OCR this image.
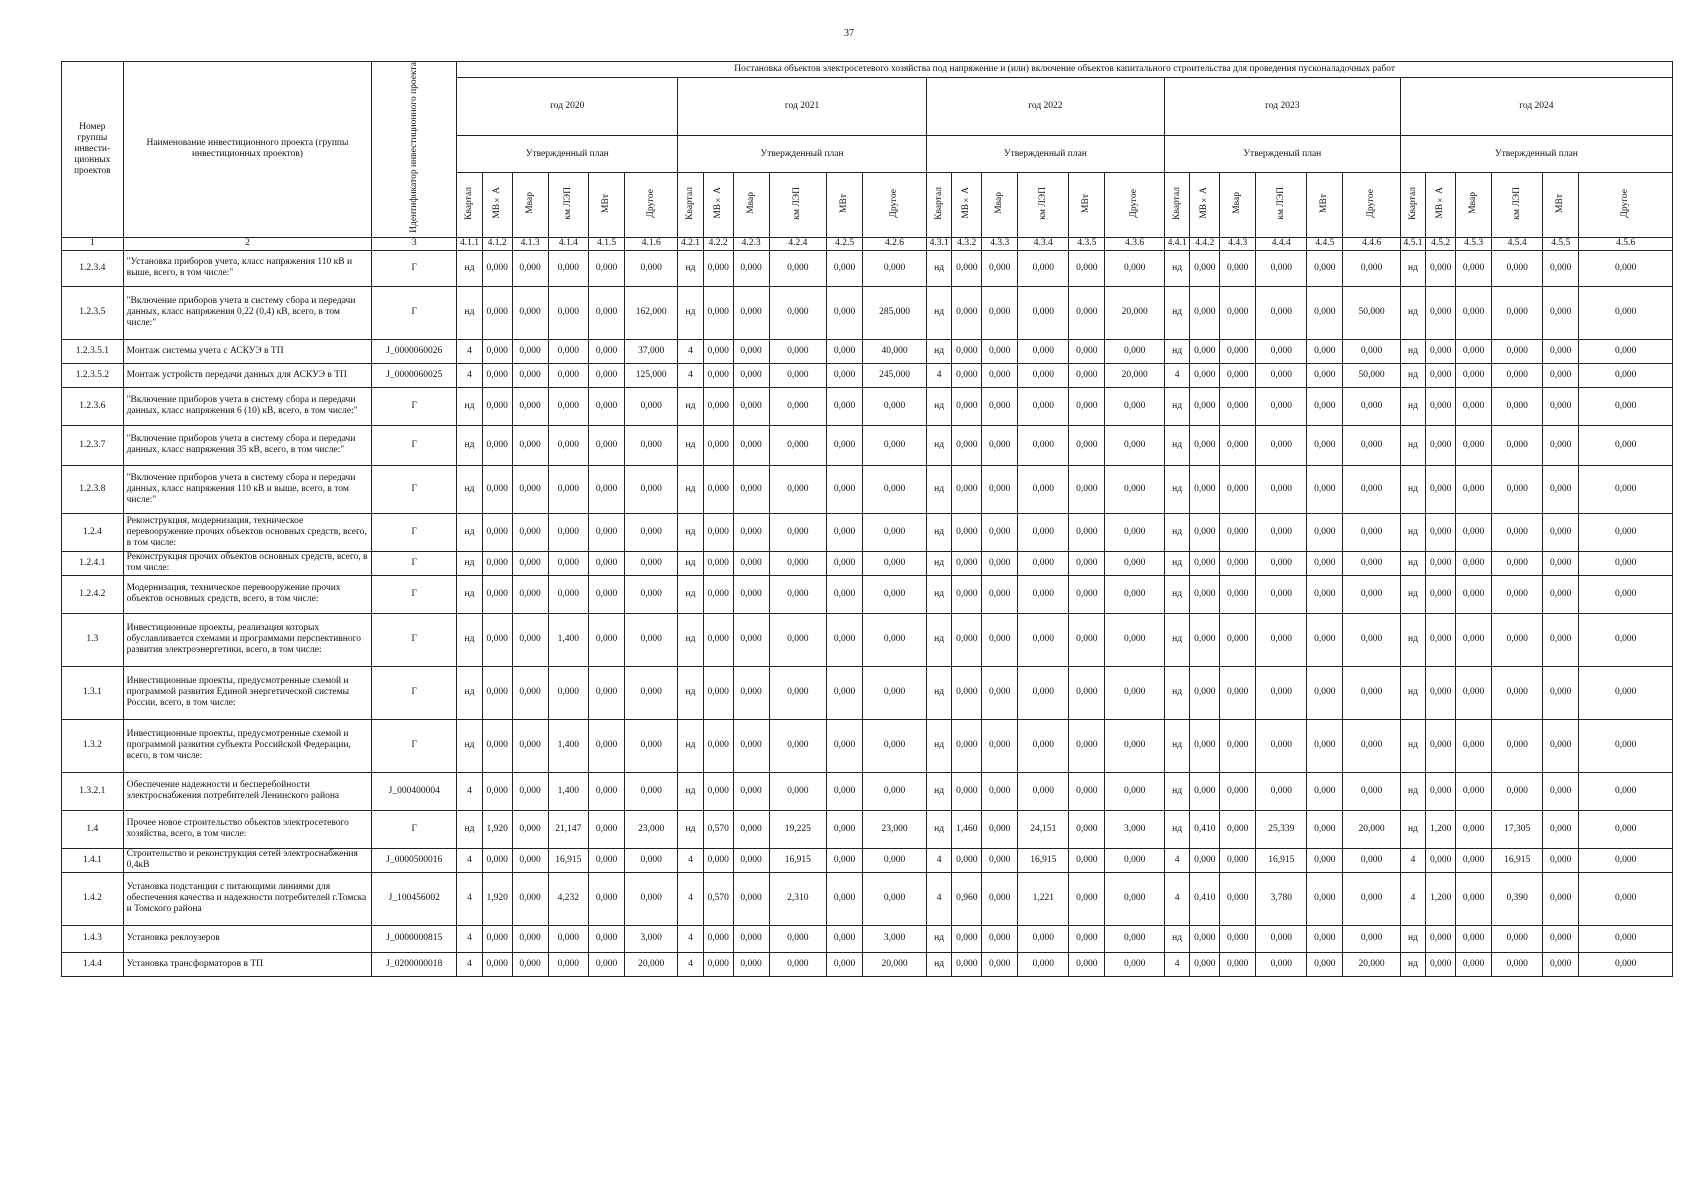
37
Номер группы инвести-ционных проектов	Наименование инвестиционного проекта (группы инвестиционных проектов)	Идентификатор инвестиционного проекта	Постановка объектов электросетевого хозяйства под напряжение и (или) включение объектов капитального строительства для проведения пусконаладочных работ																													
			год 2020						год 2021						год 2022						год 2023						год 2024					
			Утвержденный план						Утвержденный план						Утвержденный план						Утвержденый план						Утвержденный план					
			Квартал	МВ×А	Мвар	км ЛЭП	МВт	Другое	Квартал	МВ×А	Мвар	км ЛЭП	МВт	Другое	Квартал	МВ×А	Мвар	км ЛЭП	МВт	Другое	Квартал	МВ×А	Мвар	км ЛЭП	МВт	Другое	Квартал	МВ×А	Мвар	км ЛЭП	МВт	Другое
1	2	3	4.1.1	4.1.2	4.1.3	4.1.4	4.1.5	4.1.6	4.2.1	4.2.2	4.2.3	4.2.4	4.2.5	4.2.6	4.3.1	4.3.2	4.3.3	4.3.4	4.3.5	4.3.6	4.4.1	4.4.2	4.4.3	4.4.4	4.4.5	4.4.6	4.5.1	4.5.2	4.5.3	4.5.4	4.5.5	4.5.6
1.2.3.4	"Установка приборов учета, класс напряжения 110 кВ и выше, всего, в том числе:"	Г	нд	0,000	0,000	0,000	0,000	0,000	нд	0,000	0,000	0,000	0,000	0,000	нд	0,000	0,000	0,000	0,000	0,000	нд	0,000	0,000	0,000	0,000	0,000	нд	0,000	0,000	0,000	0,000	0,000
1.2.3.5	"Включение приборов учета в систему сбора и передачи данных, класс напряжения 0,22 (0,4) кВ, всего, в том числе:"	Г	нд	0,000	0,000	0,000	0,000	162,000	нд	0,000	0,000	0,000	0,000	285,000	нд	0,000	0,000	0,000	0,000	20,000	нд	0,000	0,000	0,000	0,000	50,000	нд	0,000	0,000	0,000	0,000	0,000
1.2.3.5.1	Монтаж системы учета с АСКУЭ в ТП	J_0000060026	4	0,000	0,000	0,000	0,000	37,000	4	0,000	0,000	0,000	0,000	40,000	нд	0,000	0,000	0,000	0,000	0,000	нд	0,000	0,000	0,000	0,000	0,000	нд	0,000	0,000	0,000	0,000	0,000
1.2.3.5.2	Монтаж устройств передачи данных для АСКУЭ в ТП	J_0000060025	4	0,000	0,000	0,000	0,000	125,000	4	0,000	0,000	0,000	0,000	245,000	4	0,000	0,000	0,000	0,000	20,000	4	0,000	0,000	0,000	0,000	50,000	нд	0,000	0,000	0,000	0,000	0,000
1.2.3.6	"Включение приборов учета в систему сбора и передачи данных, класс напряжения 6 (10) кВ, всего, в том числе:"	Г	нд	0,000	0,000	0,000	0,000	0,000	нд	0,000	0,000	0,000	0,000	0,000	нд	0,000	0,000	0,000	0,000	0,000	нд	0,000	0,000	0,000	0,000	0,000	нд	0,000	0,000	0,000	0,000	0,000
1.2.3.7	"Включение приборов учета в систему сбора и передачи данных, класс напряжения 35 кВ, всего, в том числе:"	Г	нд	0,000	0,000	0,000	0,000	0,000	нд	0,000	0,000	0,000	0,000	0,000	нд	0,000	0,000	0,000	0,000	0,000	нд	0,000	0,000	0,000	0,000	0,000	нд	0,000	0,000	0,000	0,000	0,000
1.2.3.8	"Включение приборов учета в систему сбора и передачи данных, класс напряжения 110 кВ и выше, всего, в том числе:"	Г	нд	0,000	0,000	0,000	0,000	0,000	нд	0,000	0,000	0,000	0,000	0,000	нд	0,000	0,000	0,000	0,000	0,000	нд	0,000	0,000	0,000	0,000	0,000	нд	0,000	0,000	0,000	0,000	0,000
1.2.4	Реконструкция, модернизация, техническое перевооружение прочих объектов основных средств, всего, в том числе:	Г	нд	0,000	0,000	0,000	0,000	0,000	нд	0,000	0,000	0,000	0,000	0,000	нд	0,000	0,000	0,000	0,000	0,000	нд	0,000	0,000	0,000	0,000	0,000	нд	0,000	0,000	0,000	0,000	0,000
1.2.4.1	Реконструкция прочих объектов основных средств, всего, в том числе:	Г	нд	0,000	0,000	0,000	0,000	0,000	нд	0,000	0,000	0,000	0,000	0,000	нд	0,000	0,000	0,000	0,000	0,000	нд	0,000	0,000	0,000	0,000	0,000	нд	0,000	0,000	0,000	0,000	0,000
1.2.4.2	Модернизация, техническое перевооружение прочих объектов основных средств, всего, в том числе:	Г	нд	0,000	0,000	0,000	0,000	0,000	нд	0,000	0,000	0,000	0,000	0,000	нд	0,000	0,000	0,000	0,000	0,000	нд	0,000	0,000	0,000	0,000	0,000	нд	0,000	0,000	0,000	0,000	0,000
1.3	Инвестиционные проекты, реализация которых обуславливается схемами и программами перспективного развития электроэнергетики, всего, в том числе:	Г	нд	0,000	0,000	1,400	0,000	0,000	нд	0,000	0,000	0,000	0,000	0,000	нд	0,000	0,000	0,000	0,000	0,000	нд	0,000	0,000	0,000	0,000	0,000	нд	0,000	0,000	0,000	0,000	0,000
1.3.1	Инвестиционные проекты, предусмотренные схемой и программой развития Единой энергетической системы России, всего, в том числе:	Г	нд	0,000	0,000	0,000	0,000	0,000	нд	0,000	0,000	0,000	0,000	0,000	нд	0,000	0,000	0,000	0,000	0,000	нд	0,000	0,000	0,000	0,000	0,000	нд	0,000	0,000	0,000	0,000	0,000
1.3.2	Инвестиционные проекты, предусмотренные схемой и программой развития субъекта Российской Федерации, всего, в том числе:	Г	нд	0,000	0,000	1,400	0,000	0,000	нд	0,000	0,000	0,000	0,000	0,000	нд	0,000	0,000	0,000	0,000	0,000	нд	0,000	0,000	0,000	0,000	0,000	нд	0,000	0,000	0,000	0,000	0,000
1.3.2.1	Обеспечение надежности и бесперебойности электроснабжения потребителей Ленинского района	J_000400004	4	0,000	0,000	1,400	0,000	0,000	нд	0,000	0,000	0,000	0,000	0,000	нд	0,000	0,000	0,000	0,000	0,000	нд	0,000	0,000	0,000	0,000	0,000	нд	0,000	0,000	0,000	0,000	0,000
1.4	Прочее новое строительство объектов электросетевого хозяйства, всего, в том числе:	Г	нд	1,920	0,000	21,147	0,000	23,000	нд	0,570	0,000	19,225	0,000	23,000	нд	1,460	0,000	24,151	0,000	3,000	нд	0,410	0,000	25,339	0,000	20,000	нд	1,200	0,000	17,305	0,000	0,000
1.4.1	Строительство и реконструкция сетей электроснабжения 0,4кВ	J_0000500016	4	0,000	0,000	16,915	0,000	0,000	4	0,000	0,000	16,915	0,000	0,000	4	0,000	0,000	16,915	0,000	0,000	4	0,000	0,000	16,915	0,000	0,000	4	0,000	0,000	16,915	0,000	0,000
1.4.2	Установка подстанции с питающими линиями для обеспечения качества и надежности потребителей г.Томска и Томского района	J_100456002	4	1,920	0,000	4,232	0,000	0,000	4	0,570	0,000	2,310	0,000	0,000	4	0,960	0,000	1,221	0,000	0,000	4	0,410	0,000	3,780	0,000	0,000	4	1,200	0,000	0,390	0,000	0,000
1.4.3	Установка реклоузеров	J_0000000815	4	0,000	0,000	0,000	0,000	3,000	4	0,000	0,000	0,000	0,000	3,000	нд	0,000	0,000	0,000	0,000	0,000	нд	0,000	0,000	0,000	0,000	0,000	нд	0,000	0,000	0,000	0,000	0,000
1.4.4	Установка трансформаторов в ТП	J_0200000018	4	0,000	0,000	0,000	0,000	20,000	4	0,000	0,000	0,000	0,000	20,000	нд	0,000	0,000	0,000	0,000	0,000	4	0,000	0,000	0,000	0,000	20,000	нд	0,000	0,000	0,000	0,000	0,000
